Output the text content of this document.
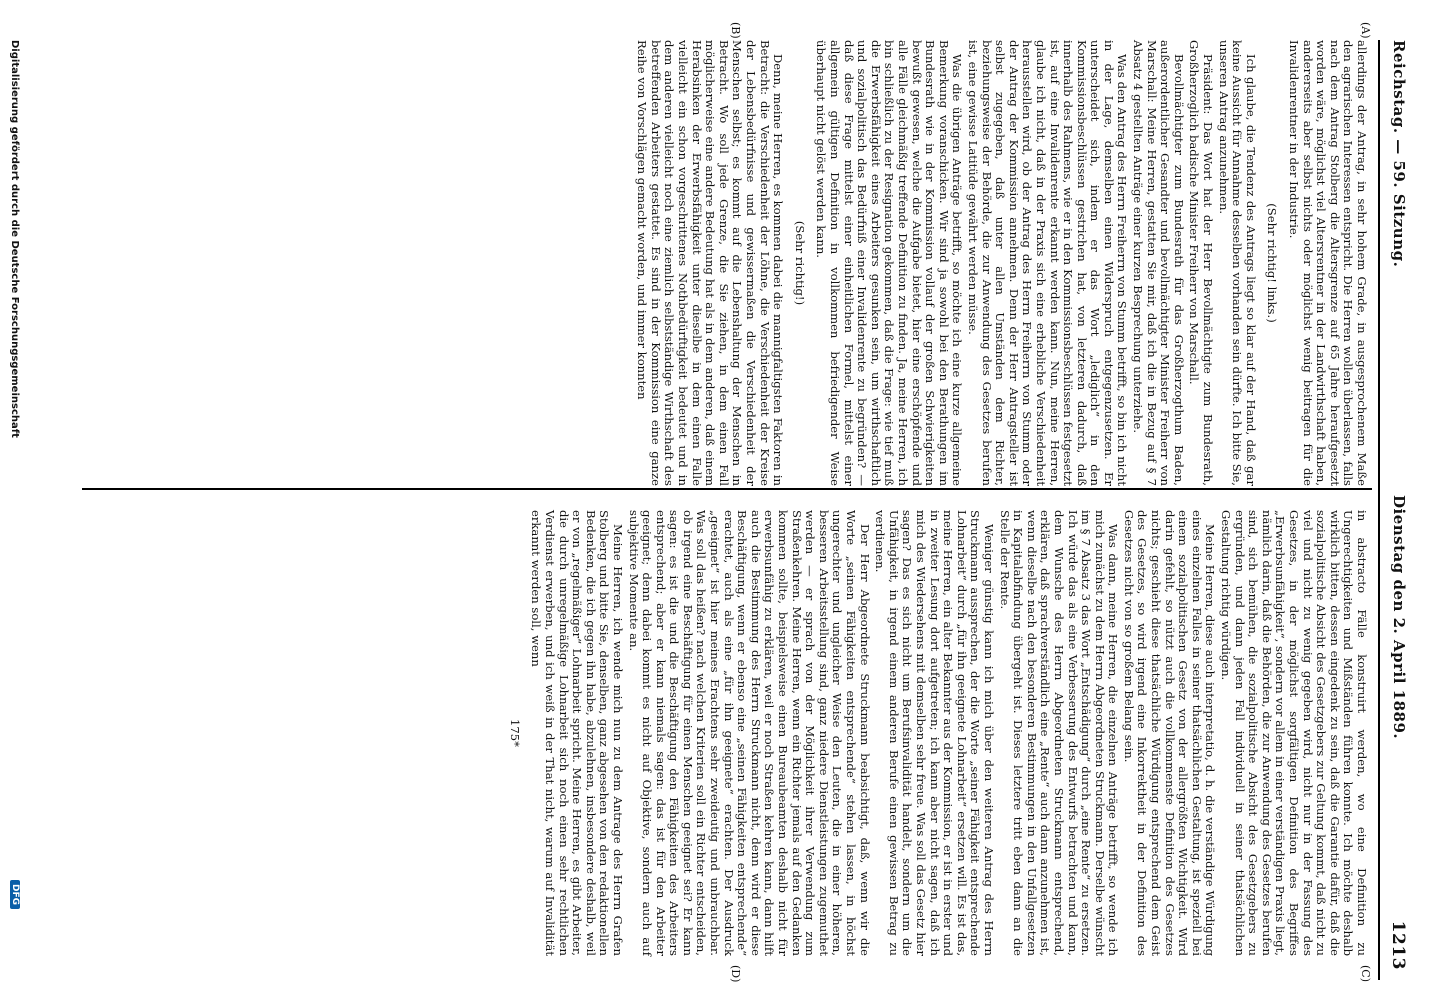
Reichstag. — 59. Sitzung.
Dienstag den 2. April 1889.
1213
(A)
(B)
(C)
(D)

allerdings der Antrag, in sehr hohem Grade, in ausgesprochenem Maße den agrarischen Interessen entspricht. Die Herren wollen überlassen, falls nach dem Antrag Stolberg die Altersgrenze auf 65 Jahre heraufgesetzt worden wäre, möglichst viel Altersrentner in der Landwirthschaft haben, andererseits aber selbst nichts oder möglichst wenig beitragen für die Invalidenrentner in der Industrie.

(Sehr richtig! links.)

Ich glaube, die Tendenz des Antrags liegt so klar auf der Hand, daß gar keine Aussicht für Annahme desselben vorhanden sein dürfte. Ich bitte Sie, unseren Antrag anzunehmen.

Präsident: Das Wort hat der Herr Bevollmächtigte zum Bundesrath, Großherzoglich badische Minister Freiherr von Marschall.

Bevollmächtigter zum Bundesrath für das Großherzogthum Baden, außerordentlicher Gesandter und bevollmächtigter Minister Freiherr von Marschall: Meine Herren, gestatten Sie mir, daß ich die in Bezug auf § 7 Absatz 4 gestellten Anträge einer kurzen Besprechung unterziehe.

Was den Antrag des Herrn Freiherrn von Stumm betrifft, so bin ich nicht in der Lage, demselben einen Widerspruch entgegenzusetzen. Er unterscheidet sich, indem er das Wort „lediglich“ in den Kommissionsbeschlüssen gestrichen hat, von letzteren dadurch, daß innerhalb des Rahmens, wie er in den Kommissionsbeschlüssen festgesetzt ist, auf eine Invalidenrente erkannt werden kann. Nun, meine Herren, glaube ich nicht, daß in der Praxis sich eine erhebliche Verschiedenheit herausstellen wird, ob der Antrag des Herrn Freiherrn von Stumm oder der Antrag der Kommission annehmen. Denn der Herr Antragsteller ist selbst zugegeben, daß unter allen Umständen dem Richter, beziehungsweise der Behörde, die zur Anwendung des Gesetzes berufen ist, eine gewisse Latitüde gewährt werden müsse.

Was die übrigen Anträge betrifft, so möchte ich eine kurze allgemeine Bemerkung voranschicken. Wir sind ja sowohl bei den Berathungen im Bundesrath wie in der Kommission vollauf der großen Schwierigkeiten bewußt gewesen, welche die Aufgabe bietet, hier eine erschöpfende und alle Fälle gleichmäßig treffende Definition zu finden. Ja, meine Herren, ich bin schließlich zu der Resignation gekommen, daß die Frage: wie tief muß die Erwerbsfähigkeit eines Arbeiters gesunken sein, um wirthschaftlich und sozialpolitisch das Bedürfniß einer Invalidenrente zu begründen? — daß diese Frage mittelst einer einheitlichen Formel, mittelst einer allgemein gültigen Definition in vollkommen befriedigender Weise überhaupt nicht gelöst werden kann.

(Sehr richtig!)

Denn, meine Herren, es kommen dabei die mannigfaltigsten Faktoren in Betracht: die Verschiedenheit der Löhne, die Verschiedenheit der Kreise der Lebensbedürfnisse und gewissermaßen die Verschiedenheit der Menschen selbst; es kommt auf die Lebenshaltung der Menschen in Betracht. Wo soll jede Grenze, die Sie ziehen, in dem einen Fall möglicherweise eine andere Bedeutung hat als in dem anderen, daß einem Herabsinken der Erwerbsfähigkeit unter dieselbe in dem einen Falle vielleicht ein schon vorgeschrittenes Nothbedürftigkeit bedeutet und in dem anderen vielleicht noch eine ziemlich selbstständige Wirthschaft des betreffenden Arbeiters gestattet. Es sind in der Kommission eine ganze Reihe von Vorschlägen gemacht worden, und immer konnten

in abstracto Fälle konstruirt werden, wo eine Definition zu Ungerechtigkeiten und Mißständen führen konnte. Ich möchte deshalb wirklich bitten, dessen eingedenk zu sein, daß die Garantie dafür, daß die sozialpolitische Absicht des Gesetzgebers zur Geltung kommt, daß nicht zu viel und nicht zu wenig gegeben wird, nicht nur in der Fassung des Gesetzes, in der möglichst sorgfältigen Definition des Begriffes „Erwerbsunfähigkeit“, sondern vor allem in einer verständigen Praxis liegt, nämlich darin, daß die Behörden, die zur Anwendung des Gesetzes berufen sind, sich bemühen, die sozialpolitische Absicht des Gesetzgebers zu ergründen, und dann jeden Fall individuell in seiner thatsächlichen Gestaltung richtig würdigen.

Meine Herren, diese auch interpretatio, d. h. die verständige Würdigung eines einzelnen Falles in seiner thatsächlichen Gestaltung, ist speziell bei einem sozialpolitischen Gesetz von der allergrößten Wichtigkeit. Wird darin gefehlt, so nützt auch die vollkommenste Definition des Gesetzes nichts; geschieht diese thatsächliche Würdigung entsprechend dem Geist des Gesetzes, so wird irgend eine Inkorrektheit in der Definition des Gesetzes nicht von so großem Belang sein.

Was dann, meine Herren, die einzelnen Anträge betrifft, so wende ich mich zunächst zu dem Herrn Abgeordneten Struckmann. Derselbe wünscht im § 7 Absatz 3 das Wort „Entschädigung“ durch „eine Rente“ zu ersetzen. Ich würde das als eine Verbesserung des Entwurfs betrachten und kann, dem Wunsche des Herrn Abgeordneten Struckmann entsprechend, erklären, daß sprachverständlich eine „Rente“ auch dann anzunehmen ist, wenn dieselbe nach den besonderen Bestimmungen in den Unfallgesetzen in Kapitalabfindung übergeht ist. Dieses letztere tritt eben dann an die Stelle der Rente.

Weniger günstig kann ich mich über den weiteren Antrag des Herrn Struckmann aussprechen, der die Worte „seiner Fähigkeit entsprechende Lohnarbeit“ durch „für ihn geeignete Lohnarbeit“ ersetzen will. Es ist das, meine Herren, ein alter Bekannter aus der Kommission, er ist in erster und in zweiter Lesung dort aufgetreten; ich kann aber nicht sagen, daß ich mich des Wiedersehens mit demselben sehr freue. Was soll das Gesetz hier sagen? Das es sich nicht um Berufsinvalidität handelt, sondern um die Unfähigkeit, in irgend einem anderen Berufe einen gewissen Betrag zu verdienen.

Der Herr Abgeordnete Struckmann beabsichtigt, daß, wenn wir die Worte „seinen Fähigkeiten entsprechende“ stehen lassen, in höchst ungerechter und ungleicher Weise den Leuten, die in einer höheren, besseren Arbeitsstellung sind, ganz niedere Dienstleistungen zugemuthet werden — er sprach von der Möglichkeit ihrer Verwendung zum Straßenkehren. Meine Herren, wenn ein Richter jemals auf den Gedanken kommen sollte, beispielsweise einen Bureaubeamten deshalb nicht für erwerbsunfähig zu erklären, weil er noch Straßen kehren kann, dann hilft auch die Bestimmung des Herrn Struckmann nicht, denn wird er diese Beschäftigung, wenn er ebenso eine „seinen Fähigkeiten entsprechende“ erachtet, auch als eine „für ihn geeignete“ erachten. Der Ausdruck „geeignet“ ist hier meines Erachtens sehr zweideutig und unbrauchbar. Was soll das heißen? nach welchen Kriterien soll ein Richter entscheiden, ob irgend eine Beschäftigung für einen Menschen geeignet sei? Er kann sagen: es ist die und die Beschäftigung den Fähigkeiten des Arbeiters entsprechend; aber er kann niemals sagen: das ist für den Arbeiter geeignet; denn dabei kommt es nicht auf Objektive, sondern auch auf subjektive Momente an.

Meine Herren, ich wende mich nun zu dem Antrage des Herrn Grafen Stolberg und bitte Sie, denselben, ganz abgesehen von den redaktionellen Bedenken, die ich gegen ihn habe, abzulehnen, insbesondere deshalb, weil er von „regelmäßiger“ Lohnarbeit spricht. Meine Herren, es gibt Arbeiter, die durch unregelmäßige Lohnarbeit sich noch einen sehr rechtlichen Verdienst erwerben, und ich weiß in der That nicht, warum auf Invalidität erkannt werden soll, wenn

175*

Digitalisierung gefördert durch die Deutsche Forschungsgemeinschaft
DFG
